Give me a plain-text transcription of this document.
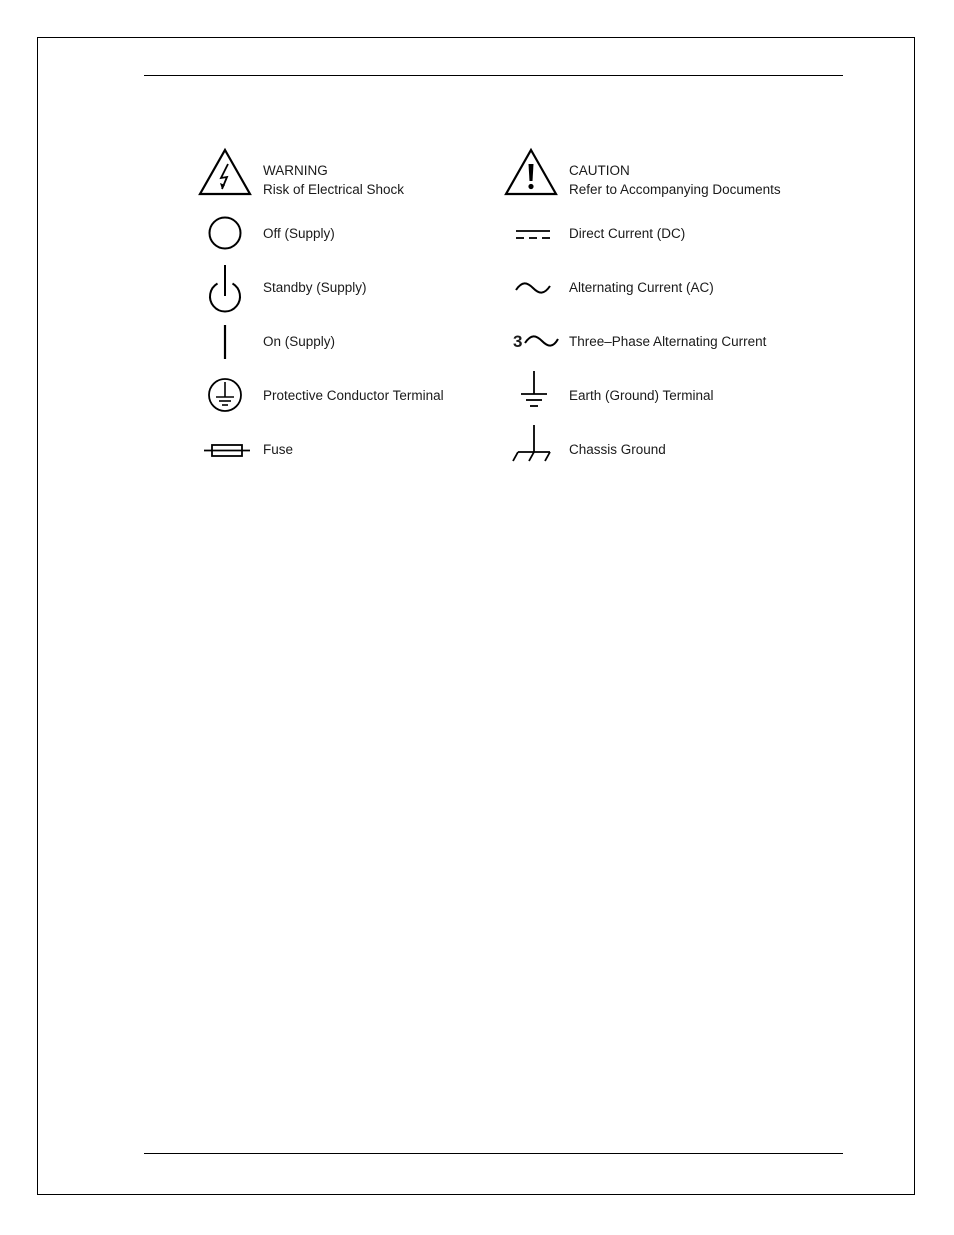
WARNING
Risk of Electrical Shock
Off (Supply)
Standby (Supply)
On (Supply)
Protective Conductor Terminal
Fuse
CAUTION
Refer to Accompanying Documents
Direct Current (DC)
Alternating Current (AC)
3	Three–Phase Alternating Current
Earth (Ground) Terminal
Chassis Ground
